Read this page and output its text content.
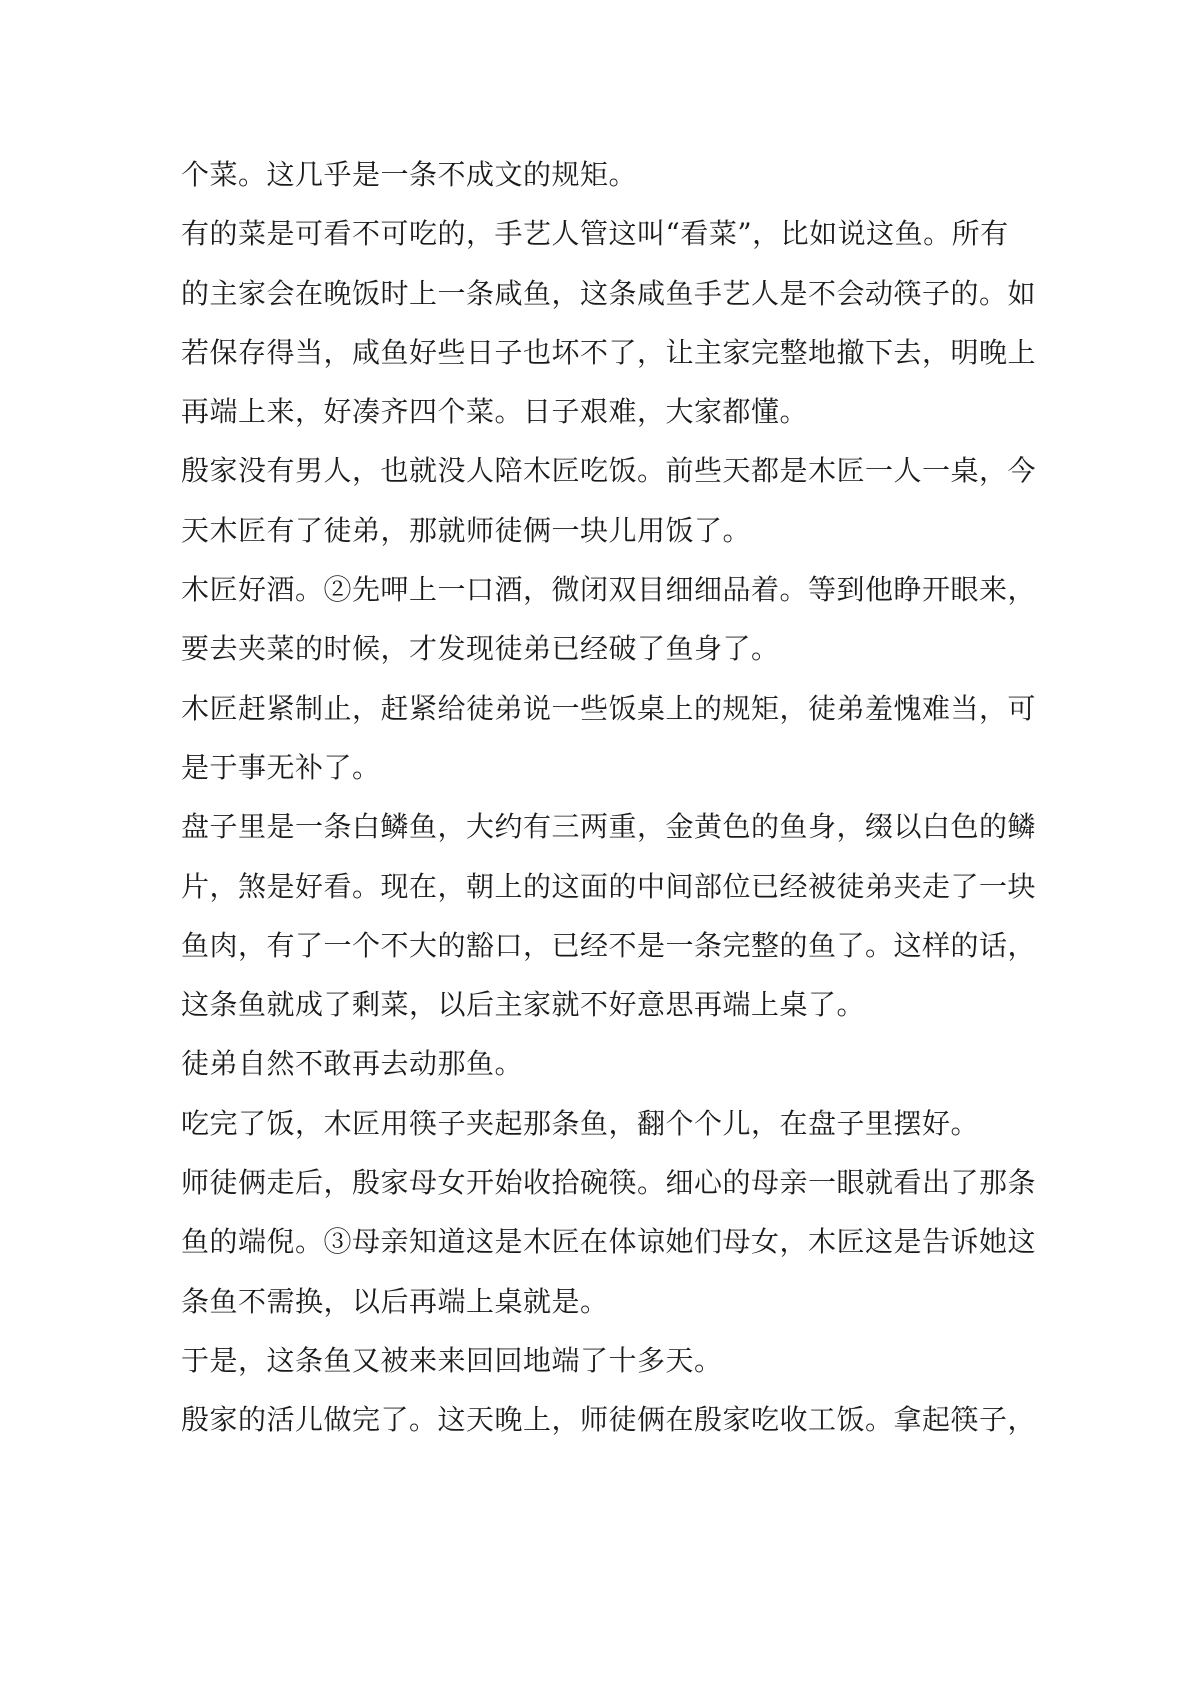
个菜。这几乎是一条不成文的规矩。
有的菜是可看不可吃的，手艺人管这叫“看菜”，比如说这鱼。所有
的主家会在晚饭时上一条咸鱼，这条咸鱼手艺人是不会动筷子的。如
若保存得当，咸鱼好些日子也坏不了，让主家完整地撤下去，明晚上
再端上来，好凑齐四个菜。日子艰难，大家都懂。
殷家没有男人，也就没人陪木匠吃饭。前些天都是木匠一人一桌，今
天木匠有了徒弟，那就师徒俩一块儿用饭了。
木匠好酒。②先呷上一口酒，微闭双目细细品着。等到他睁开眼来，
要去夹菜的时候，才发现徒弟已经破了鱼身了。
木匠赶紧制止，赶紧给徒弟说一些饭桌上的规矩，徒弟羞愧难当，可
是于事无补了。
盘子里是一条白鳞鱼，大约有三两重，金黄色的鱼身，缀以白色的鳞
片，煞是好看。现在，朝上的这面的中间部位已经被徒弟夹走了一块
鱼肉，有了一个不大的豁口，已经不是一条完整的鱼了。这样的话，
这条鱼就成了剩菜，以后主家就不好意思再端上桌了。
徒弟自然不敢再去动那鱼。
吃完了饭，木匠用筷子夹起那条鱼，翻个个儿，在盘子里摆好。
师徒俩走后，殷家母女开始收拾碗筷。细心的母亲一眼就看出了那条
鱼的端倪。③母亲知道这是木匠在体谅她们母女，木匠这是告诉她这
条鱼不需换，以后再端上桌就是。
于是，这条鱼又被来来回回地端了十多天。
殷家的活儿做完了。这天晚上，师徒俩在殷家吃收工饭。拿起筷子，
